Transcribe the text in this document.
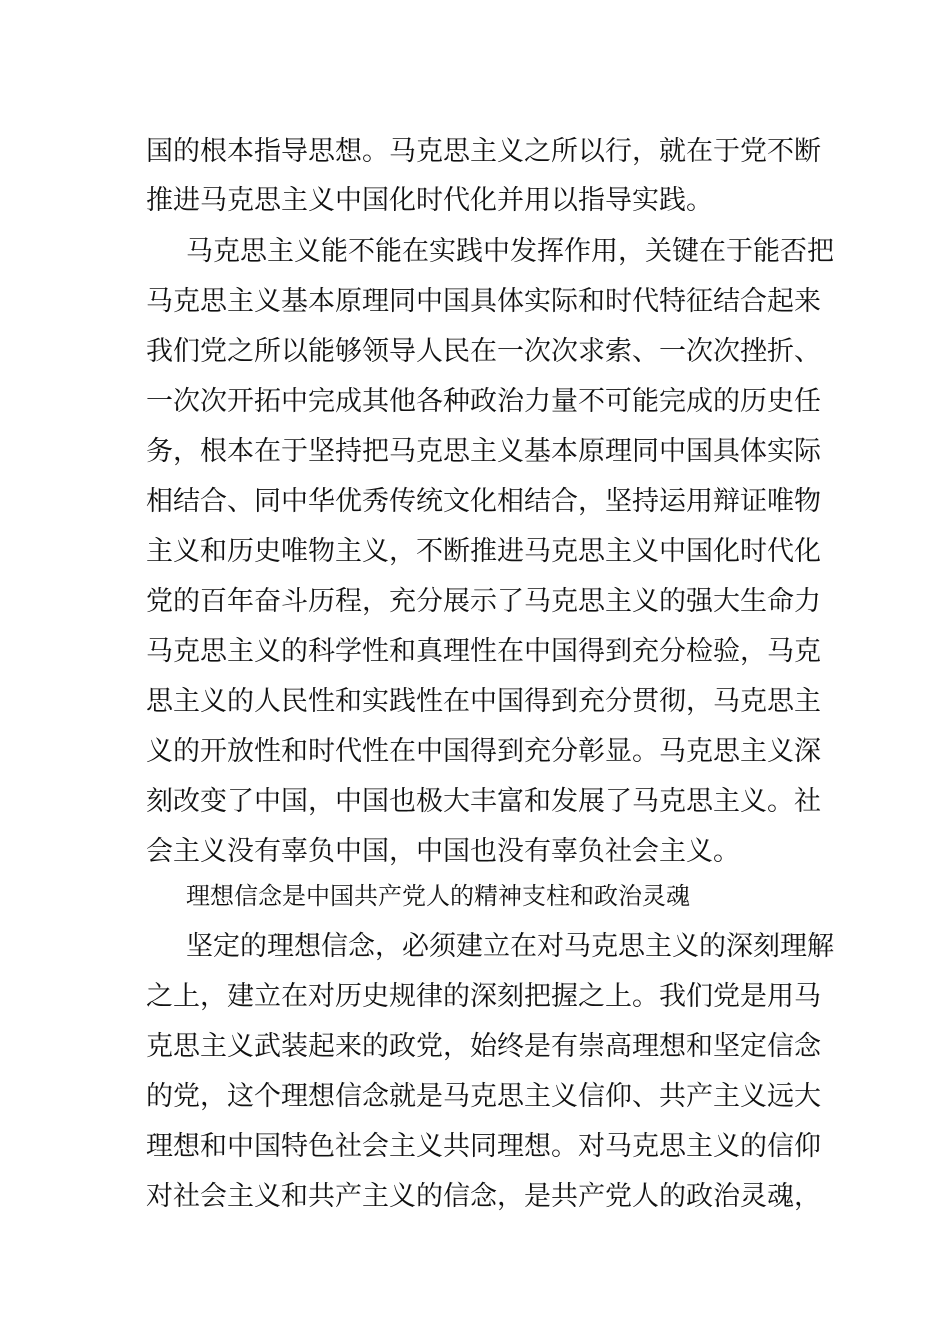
国的根本指导思想。马克思主义之所以行，就在于党不断
推进马克思主义中国化时代化并用以指导实践。
马克思主义能不能在实践中发挥作用，关键在于能否把
马克思主义基本原理同中国具体实际和时代特征结合起来
我们党之所以能够领导人民在一次次求索、一次次挫折、
一次次开拓中完成其他各种政治力量不可能完成的历史任
务，根本在于坚持把马克思主义基本原理同中国具体实际
相结合、同中华优秀传统文化相结合，坚持运用辩证唯物
主义和历史唯物主义，不断推进马克思主义中国化时代化
党的百年奋斗历程，充分展示了马克思主义的强大生命力
马克思主义的科学性和真理性在中国得到充分检验，马克
思主义的人民性和实践性在中国得到充分贯彻，马克思主
义的开放性和时代性在中国得到充分彰显。马克思主义深
刻改变了中国，中国也极大丰富和发展了马克思主义。社
会主义没有辜负中国，中国也没有辜负社会主义。
理想信念是中国共产党人的精神支柱和政治灵魂
坚定的理想信念，必须建立在对马克思主义的深刻理解
之上，建立在对历史规律的深刻把握之上。我们党是用马
克思主义武装起来的政党，始终是有崇高理想和坚定信念
的党，这个理想信念就是马克思主义信仰、共产主义远大
理想和中国特色社会主义共同理想。对马克思主义的信仰
对社会主义和共产主义的信念，是共产党人的政治灵魂，
